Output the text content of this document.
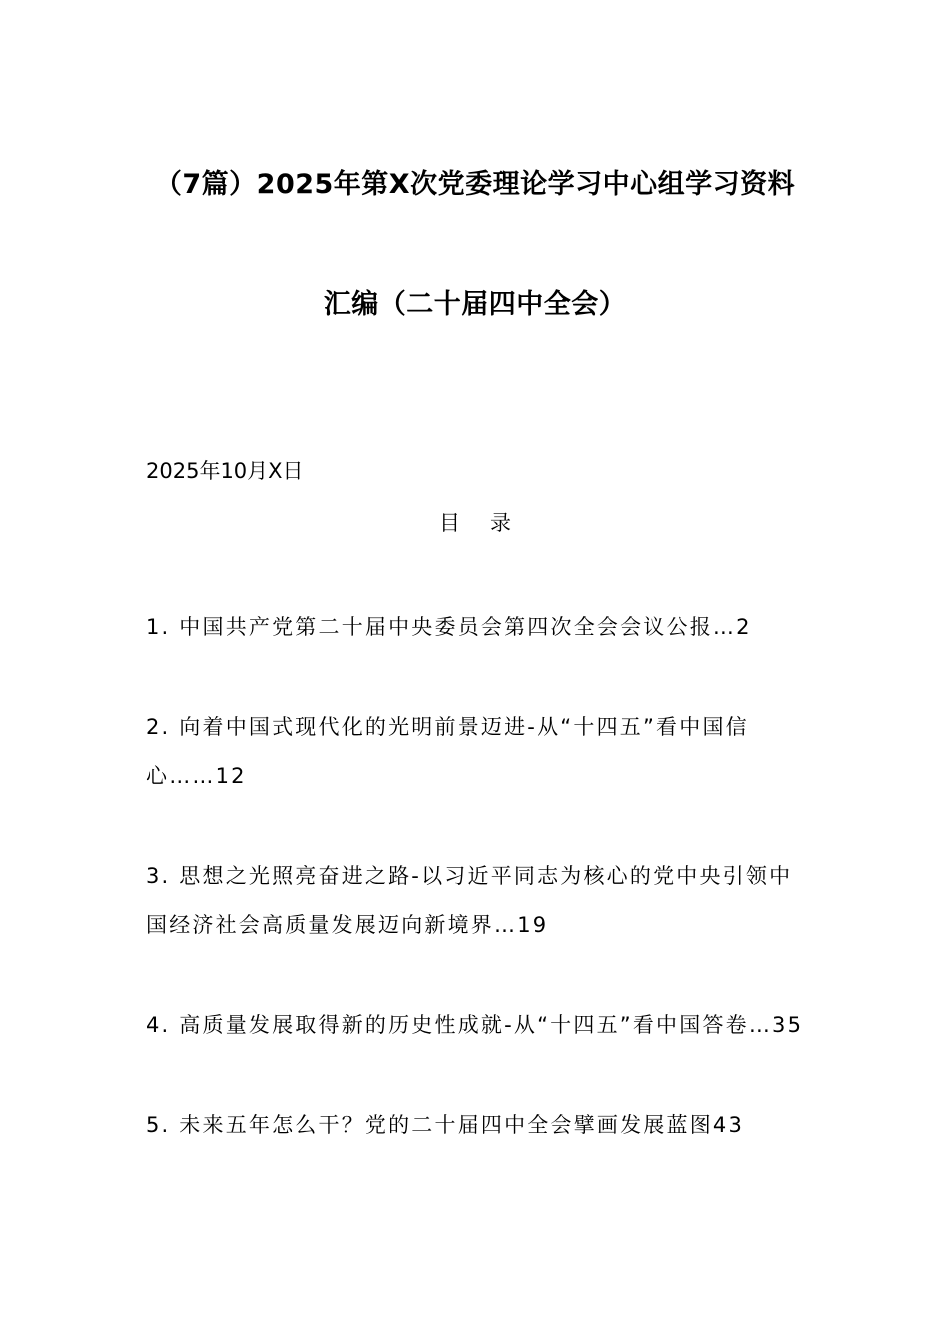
（7篇）2025年第X次党委理论学习中心组学习资料
汇编（二十届四中全会）
2025年10月X日
目录
1. 中国共产党第二十届中央委员会第四次全会会议公报…2
2. 向着中国式现代化的光明前景迈进-从“十四五”看中国信心……12
3. 思想之光照亮奋进之路-以习近平同志为核心的党中央引领中国经济社会高质量发展迈向新境界…19
4. 高质量发展取得新的历史性成就-从“十四五”看中国答卷…35
5. 未来五年怎么干？党的二十届四中全会擘画发展蓝图43
